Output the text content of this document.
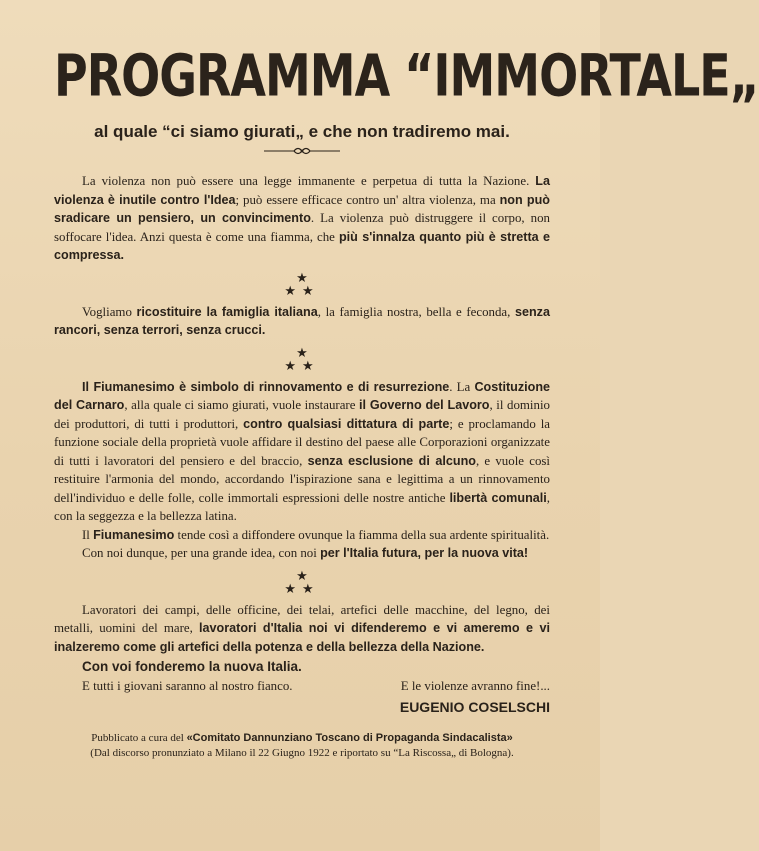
PROGRAMMA “IMMORTALE„
al quale “ci siamo giurati„ e che non tradiremo mai.

La violenza non può essere una legge immanente e perpetua di tutta la Nazione. La violenza è inutile contro l'Idea; può essere efficace contro un' altra violenza, ma non può sradicare un pensiero, un convincimento. La violenza può distruggere il corpo, non soffocare l'idea. Anzi questa è come una fiamma, che più s'innalza quanto più è stretta e compressa.

★
★★

Vogliamo ricostituire la famiglia italiana, la famiglia nostra, bella e feconda, senza rancori, senza terrori, senza crucci.

★
★★

Il Fiumanesimo è simbolo di rinnovamento e di resurrezione. La Costituzione del Carnaro, alla quale ci siamo giurati, vuole instaurare il Governo del Lavoro, il dominio dei produttori, di tutti i produttori, contro qualsiasi dittatura di parte; e proclamando la funzione sociale della proprietà vuole affidare il destino del paese alle Corporazioni organizzate di tutti i lavoratori del pensiero e del braccio, senza esclusione di alcuno, e vuole così restituire l'armonia del mondo, accordando l'ispirazione sana e legittima a un rinnovamento dell'individuo e delle folle, colle immortali espressioni delle nostre antiche libertà comunali, con la seggezza e la bellezza latina.

Il Fiumanesimo tende così a diffondere ovunque la fiamma della sua ardente spiritualità.

Con noi dunque, per una grande idea, con noi per l'Italia futura, per la nuova vita!

★
★★

Lavoratori dei campi, delle officine, dei telai, artefici delle macchine, del legno, dei metalli, uomini del mare, lavoratori d'Italia noi vi difenderemo e vi ameremo e vi inalzeremo come gli artefici della potenza e della bellezza della Nazione.

Con voi fonderemo la nuova Italia.

E tutti i giovani saranno al nostro fianco.	E le violenze avranno fine!...

EUGENIO COSELSCHI
Pubblicato a cura del «Comitato Dannunziano Toscano di Propaganda Sindacalista»
(Dal discorso pronunziato a Milano il 22 Giugno 1922 e riportato su “La Riscossa„ di Bologna).
